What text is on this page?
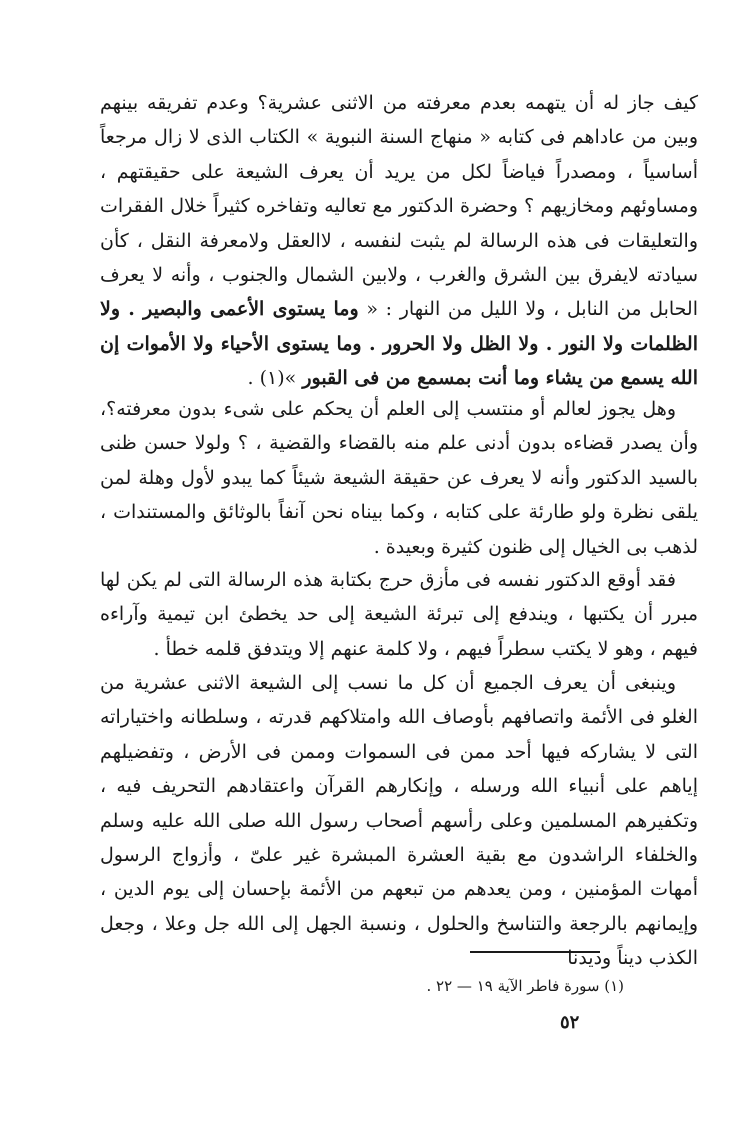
كيف جاز له أن يتهمه بعدم معرفته من الاثنى عشرية؟ وعدم تفريقه بينهم وبين من عاداهم فى كتابه « منهاج السنة النبوية » الكتاب الذى لا زال مرجعاً أساسياً ، ومصدراً فياضاً لكل من يريد أن يعرف الشيعة على حقيقتهم ، ومساوئهم ومخازيهم ؟ وحضرة الدكتور مع تعاليه وتفاخره كثيراً خلال الفقرات والتعليقات فى هذه الرسالة لم يثبت لنفسه ، لاالعقل ولامعرفة النقل ، كأن سيادته لايفرق بين الشرق والغرب ، ولابين الشمال والجنوب ، وأنه لا يعرف الحابل من النابل ، ولا الليل من النهار : « وما يستوى الأعمى والبصير . ولا الظلمات ولا النور . ولا الظل ولا الحرور . وما يستوى الأحياء ولا الأموات إن الله يسمع من يشاء وما أنت بمسمع من فى القبور »(١) .

وهل يجوز لعالم أو منتسب إلى العلم أن يحكم على شىء بدون معرفته؟، وأن يصدر قضاءه بدون أدنى علم منه بالقضاء والقضية ، ؟ ولولا حسن ظنى بالسيد الدكتور وأنه لا يعرف عن حقيقة الشيعة شيئاً كما يبدو لأول وهلة لمن يلقى نظرة ولو طارئة على كتابه ، وكما بيناه نحن آنفاً بالوثائق والمستندات ، لذهب بى الخيال إلى ظنون كثيرة وبعيدة .

فقد أوقع الدكتور نفسه فى مأزق حرج بكتابة هذه الرسالة التى لم يكن لها مبرر أن يكتبها ، ويندفع إلى تبرئة الشيعة إلى حد يخطئ ابن تيمية وآراءه فيهم ، وهو لا يكتب سطراً فيهم ، ولا كلمة عنهم إلا ويتدفق قلمه خطأ .

وينبغى أن يعرف الجميع أن كل ما نسب إلى الشيعة الاثنى عشرية من الغلو فى الأئمة واتصافهم بأوصاف الله وامتلاكهم قدرته ، وسلطانه واختياراته التى لا يشاركه فيها أحد ممن فى السموات وممن فى الأرض ، وتفضيلهم إياهم على أنبياء الله ورسله ، وإنكارهم القرآن واعتقادهم التحريف فيه ، وتكفيرهم المسلمين وعلى رأسهم أصحاب رسول الله صلى الله عليه وسلم والخلفاء الراشدون مع بقية العشرة المبشرة غير علىّ ، وأزواج الرسول أمهات المؤمنين ، ومن يعدهم من تبعهم من الأئمة بإحسان إلى يوم الدين ، وإيمانهم بالرجعة والتناسخ والحلول ، ونسبة الجهل إلى الله جل وعلا ، وجعل الكذب ديناً وديدنا

(١) سورة فاطر الآية ١٩ — ٢٢ .
٥٢
